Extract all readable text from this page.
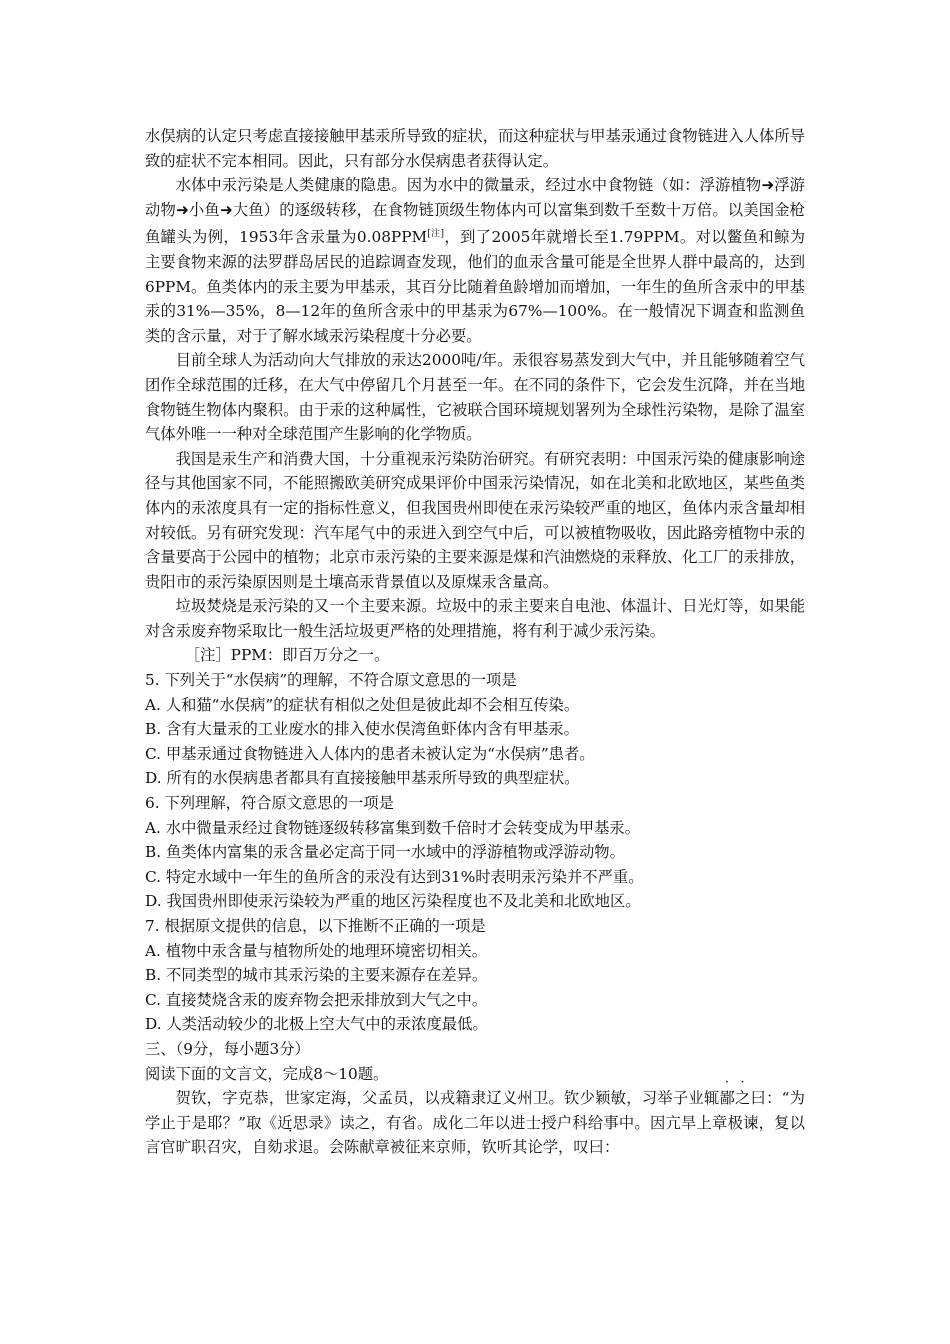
水俣病的认定只考虑直接接触甲基汞所导致的症状，而这种症状与甲基汞通过食物链进入人体所导致的症状不完本相同。因此，只有部分水俣病患者获得认定。

水体中汞污染是人类健康的隐患。因为水中的微量汞，经过水中食物链（如：浮游植物➜浮游动物➜小鱼➜大鱼）的逐级转移，在食物链顶级生物体内可以富集到数千至数十万倍。以美国金枪鱼罐头为例，1953年含汞量为0.08PPM[注]，到了2005年就增长至1.79PPM。对以鳖鱼和鲸为主要食物来源的法罗群岛居民的追踪调查发现，他们的血汞含量可能是全世界人群中最高的，达到6PPM。鱼类体内的汞主要为甲基汞，其百分比随着鱼龄增加而增加，一年生的鱼所含汞中的甲基汞的31%—35%，8—12年的鱼所含汞中的甲基汞为67%—100%。在一般情况下调查和监测鱼类的含示量，对于了解水域汞污染程度十分必要。

目前全球人为活动向大气排放的汞达2000吨/年。汞很容易蒸发到大气中，并且能够随着空气团作全球范围的迁移，在大气中停留几个月甚至一年。在不同的条件下，它会发生沉降，并在当地食物链生物体内聚积。由于汞的这种属性，它被联合国环境规划署列为全球性污染物，是除了温室气体外唯一一种对全球范围产生影响的化学物质。

我国是汞生产和消费大国，十分重视汞污染防治研究。有研究表明：中国汞污染的健康影响途径与其他国家不同，不能照搬欧美研究成果评价中国汞污染情况，如在北美和北欧地区，某些鱼类体内的汞浓度具有一定的指标性意义，但我国贵州即使在汞污染较严重的地区，鱼体内汞含量却相对较低。另有研究发现：汽车尾气中的汞进入到空气中后，可以被植物吸收，因此路旁植物中汞的含量要高于公园中的植物；北京市汞污染的主要来源是煤和汽油燃烧的汞释放、化工厂的汞排放，贵阳市的汞污染原因则是土壤高汞背景值以及原煤汞含量高。

垃圾焚烧是汞污染的又一个主要来源。垃圾中的汞主要来自电池、体温计、日光灯等，如果能对含汞废弃物采取比一般生活垃圾更严格的处理措施，将有利于减少汞污染。

［注］PPM：即百万分之一。

5. 下列关于“水俣病”的理解，不符合原文意思的一项是

A. 人和猫“水俣病”的症状有相似之处但是彼此却不会相互传染。

B. 含有大量汞的工业废水的排入使水俣湾鱼虾体内含有甲基汞。

C. 甲基汞通过食物链进入人体内的患者未被认定为“水俣病”患者。

D. 所有的水俣病患者都具有直接接触甲基汞所导致的典型症状。

6. 下列理解，符合原文意思的一项是

A. 水中微量汞经过食物链逐级转移富集到数千倍时才会转变成为甲基汞。

B. 鱼类体内富集的汞含量必定高于同一水域中的浮游植物或浮游动物。

C. 特定水域中一年生的鱼所含的汞没有达到31%时表明汞污染并不严重。

D. 我国贵州即使汞污染较为严重的地区污染程度也不及北美和北欧地区。

7. 根据原文提供的信息，以下推断不正确的一项是

A. 植物中汞含量与植物所处的地理环境密切相关。

B. 不同类型的城市其汞污染的主要来源存在差异。

C. 直接焚烧含汞的废弃物会把汞排放到大气之中。

D. 人类活动较少的北极上空大气中的汞浓度最低。

三、（9分，每小题3分）

阅读下面的文言文，完成8～10题。

贺钦，字克恭，世家定海，父孟员，以戎籍隶辽义州卫。钦少颖敏，习举子业辄鄙之曰：“为学止于是耶？”取《近思录》读之，有省。成化二年以进士授户科给事中。因亢旱上章极谏，复以言官旷职召灾，自劾求退。会陈献章被征来京师，钦听其论学，叹曰：
